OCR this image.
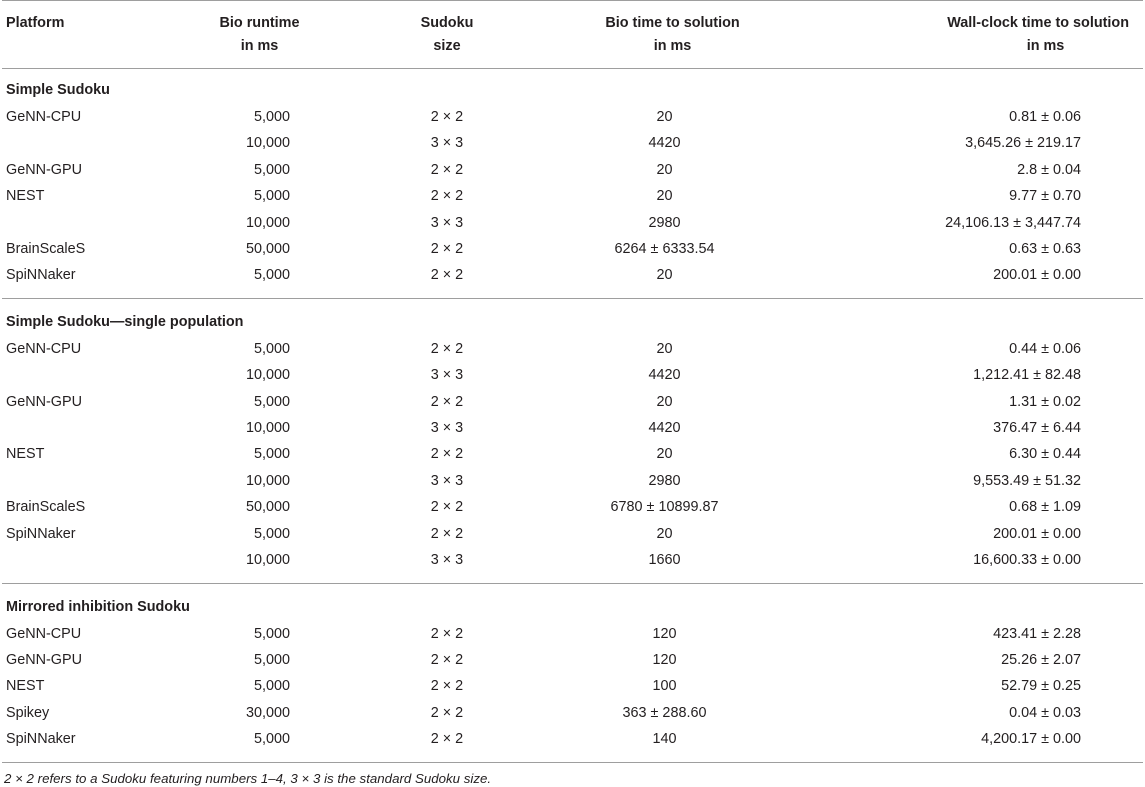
Platform	Bio runtime	Sudoku	Bio time to solution	Wall-clock time to solution
	in ms	size	in ms	in ms
Simple Sudoku				
GeNN-CPU	5,000	2 × 2	20	0.81 ± 0.06
	10,000	3 × 3	4420	3,645.26 ± 219.17
GeNN-GPU	5,000	2 × 2	20	2.8 ± 0.04
NEST	5,000	2 × 2	20	9.77 ± 0.70
	10,000	3 × 3	2980	24,106.13 ± 3,447.74
BrainScaleS	50,000	2 × 2	6264 ± 6333.54	0.63 ± 0.63
SpiNNaker	5,000	2 × 2	20	200.01 ± 0.00
Simple Sudoku—single population				
GeNN-CPU	5,000	2 × 2	20	0.44 ± 0.06
	10,000	3 × 3	4420	1,212.41 ± 82.48
GeNN-GPU	5,000	2 × 2	20	1.31 ± 0.02
	10,000	3 × 3	4420	376.47 ± 6.44
NEST	5,000	2 × 2	20	6.30 ± 0.44
	10,000	3 × 3	2980	9,553.49 ± 51.32
BrainScaleS	50,000	2 × 2	6780 ± 10899.87	0.68 ± 1.09
SpiNNaker	5,000	2 × 2	20	200.01 ± 0.00
	10,000	3 × 3	1660	16,600.33 ± 0.00
Mirrored inhibition Sudoku				
GeNN-CPU	5,000	2 × 2	120	423.41 ± 2.28
GeNN-GPU	5,000	2 × 2	120	25.26 ± 2.07
NEST	5,000	2 × 2	100	52.79 ± 0.25
Spikey	30,000	2 × 2	363 ± 288.60	0.04 ± 0.03
SpiNNaker	5,000	2 × 2	140	4,200.17 ± 0.00
2 × 2 refers to a Sudoku featuring numbers 1–4, 3 × 3 is the standard Sudoku size.
